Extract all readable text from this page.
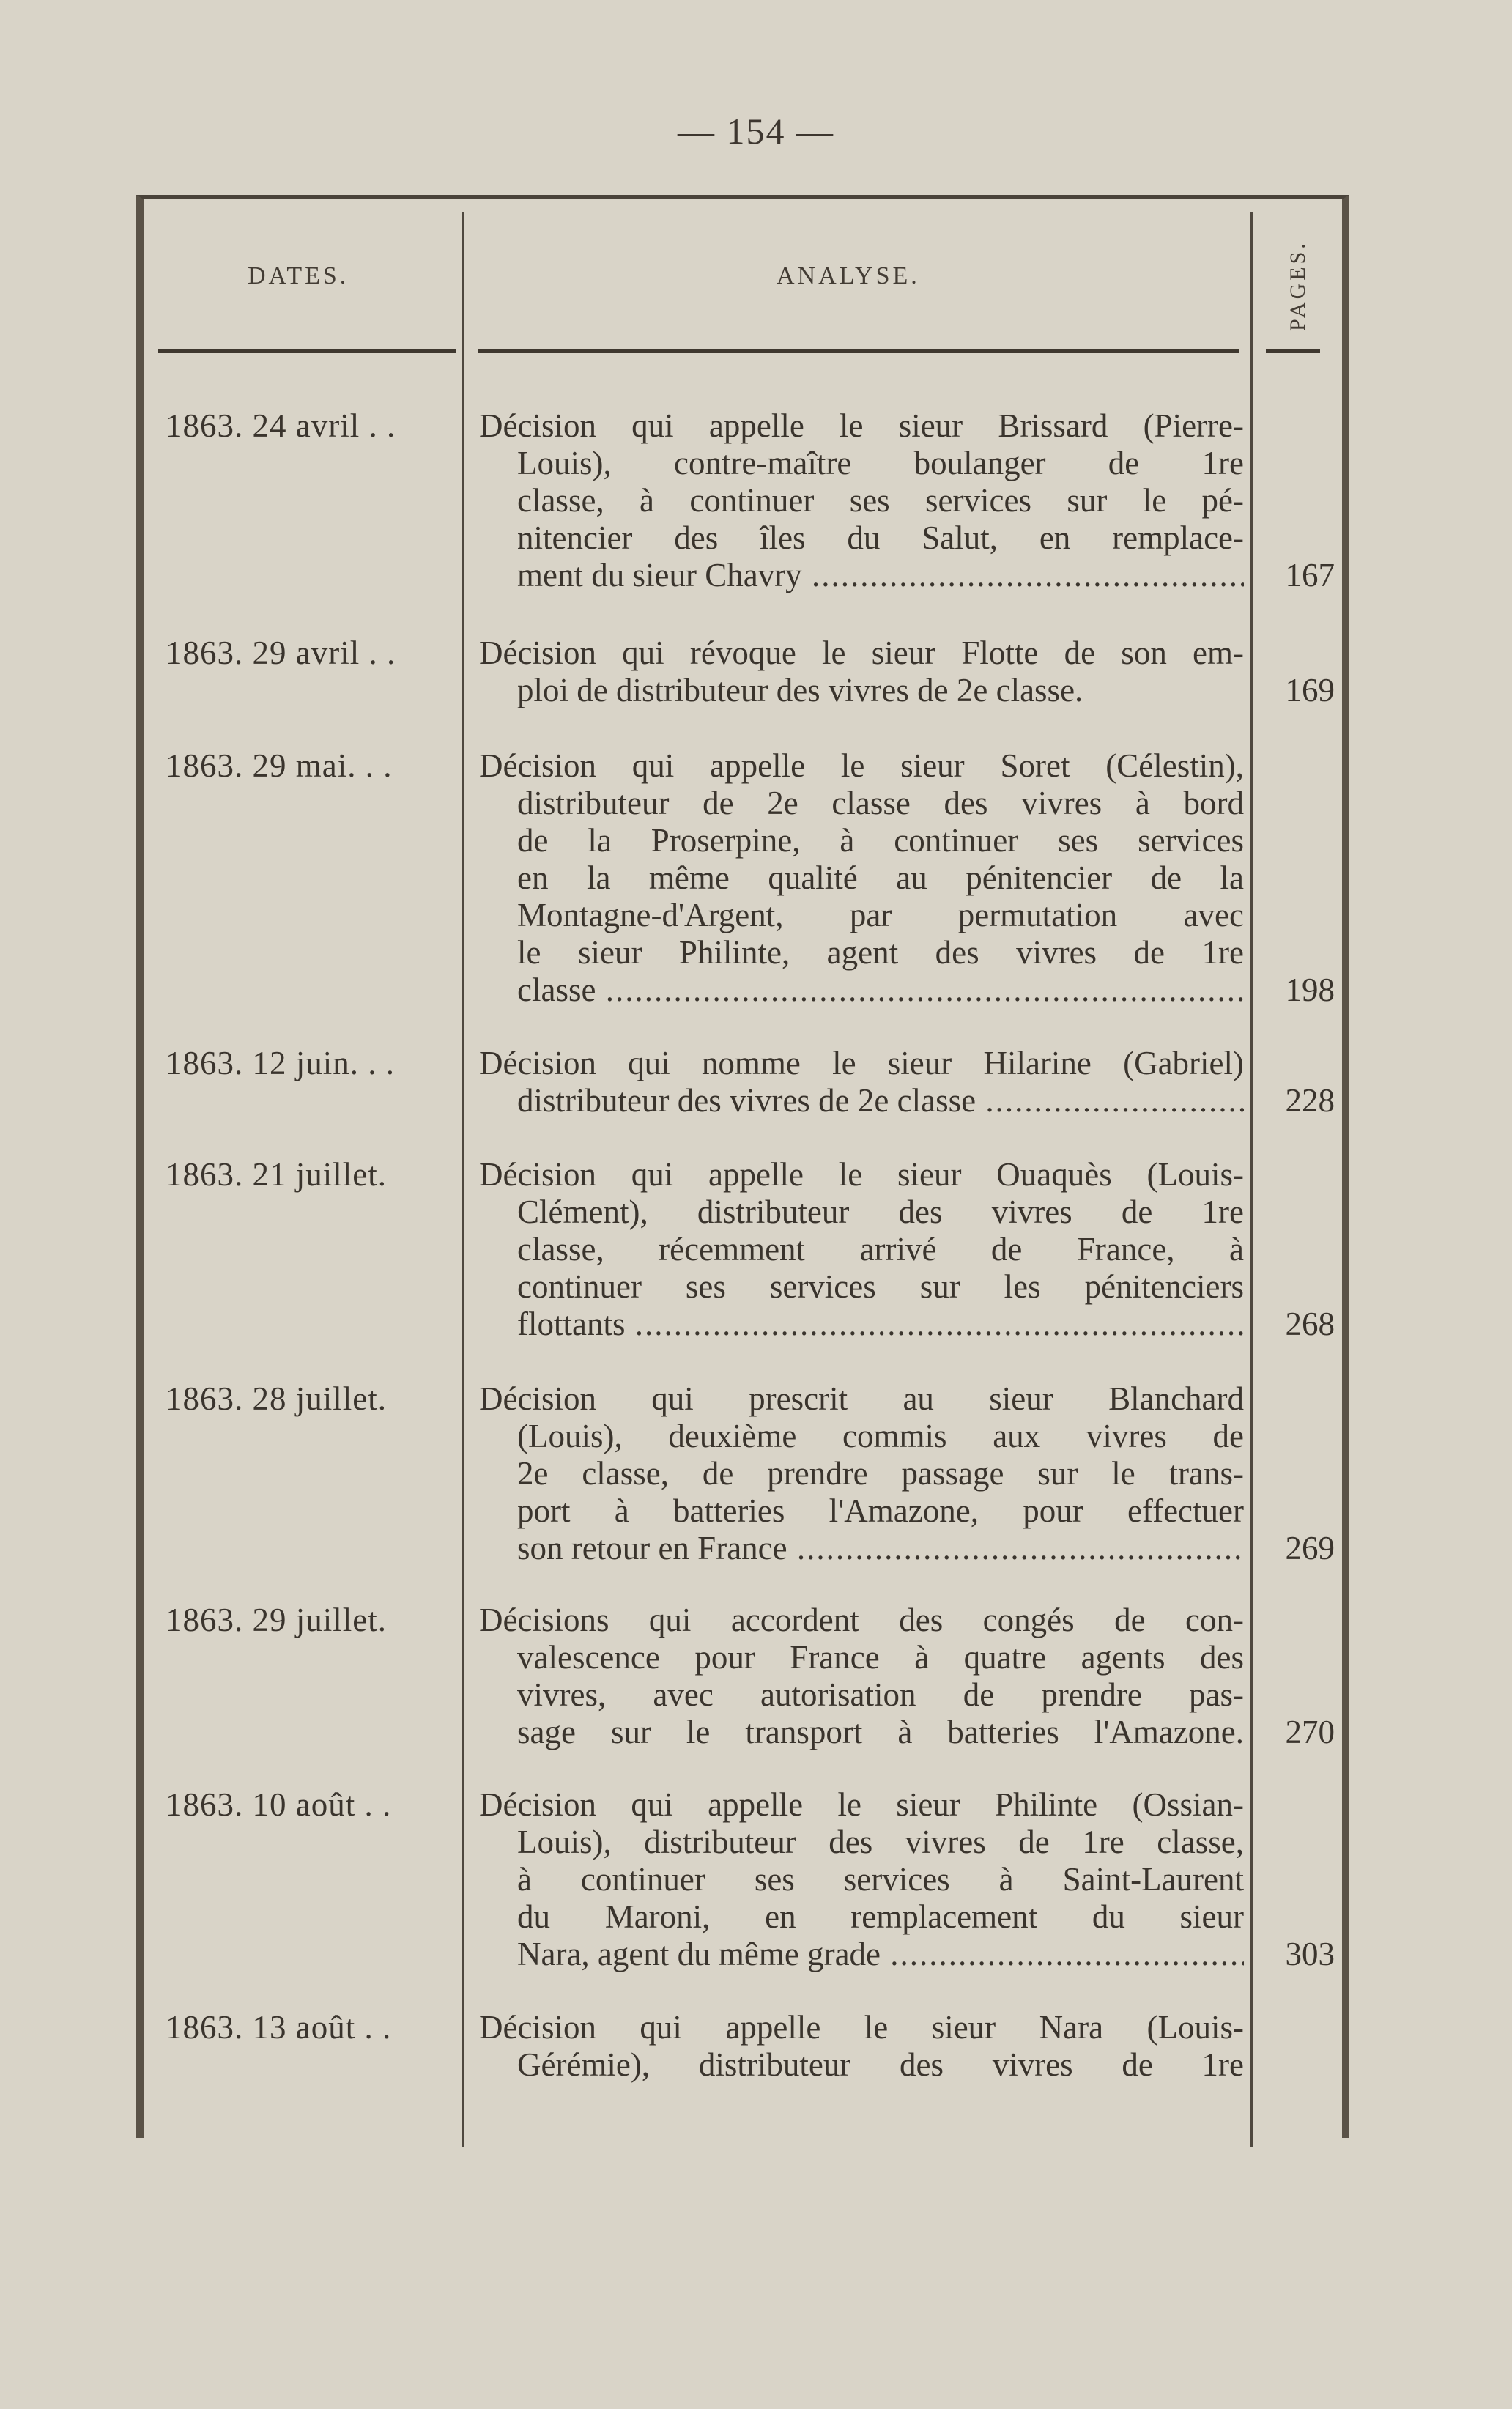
— 154 —
DATES.	ANALYSE.	PAGES.
1863. 24 avril . .	Décision qui appelle le sieur Brissard (Pierre-
Louis), contre-maître boulanger de 1re
classe, à continuer ses services sur le pé-
nitencier des îles du Salut, en remplace-
ment du sieur Chavry .....	167
1863. 29 avril . .	Décision qui révoque le sieur Flotte de son em-
ploi de distributeur des vivres de 2e classe.	169
1863. 29 mai. . .	Décision qui appelle le sieur Soret (Célestin),
distributeur de 2e classe des vivres à bord
de la Proserpine, à continuer ses services
en la même qualité au pénitencier de la
Montagne-d'Argent, par permutation avec
le sieur Philinte, agent des vivres de 1re
classe .....	198
1863. 12 juin. . .	Décision qui nomme le sieur Hilarine (Gabriel)
distributeur des vivres de 2e classe .....	228
1863. 21 juillet.	Décision qui appelle le sieur Ouaquès (Louis-
Clément), distributeur des vivres de 1re
classe, récemment arrivé de France, à
continuer ses services sur les pénitenciers
flottants .....	268
1863. 28 juillet.	Décision qui prescrit au sieur Blanchard
(Louis), deuxième commis aux vivres de
2e classe, de prendre passage sur le trans-
port à batteries l'Amazone, pour effectuer
son retour en France .....	269
1863. 29 juillet.	Décisions qui accordent des congés de con-
valescence pour France à quatre agents des
vivres, avec autorisation de prendre pas-
sage sur le transport à batteries l'Amazone.	270
1863. 10 août . .	Décision qui appelle le sieur Philinte (Ossian-
Louis), distributeur des vivres de 1re classe,
à continuer ses services à Saint-Laurent
du Maroni, en remplacement du sieur
Nara, agent du même grade .....	303
1863. 13 août . .	Décision qui appelle le sieur Nara (Louis-
Gérémie), distributeur des vivres de 1re
